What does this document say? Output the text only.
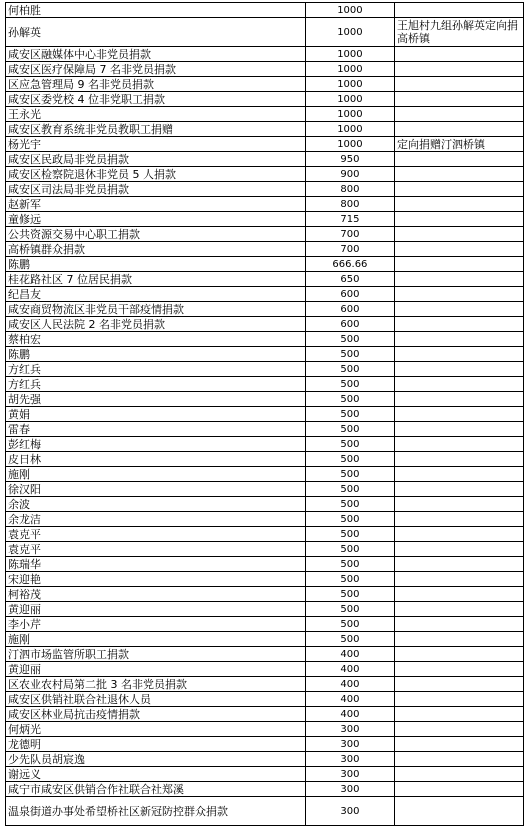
何柏胜	1000	
孙解英	1000	王旭村九组孙解英定向捐高桥镇
咸安区融媒体中心非党员捐款	1000	
咸安区医疗保障局 7 名非党员捐款	1000	
区应急管理局 9 名非党员捐款	1000	
咸安区委党校 4 位非党职工捐款	1000	
王永光	1000	
咸安区教育系统非党员教职工捐赠	1000	
杨光宇	1000	定向捐赠汀泗桥镇
咸安区民政局非党员捐款	950	
咸安区检察院退休非党员 5 人捐款	900	
咸安区司法局非党员捐款	800	
赵新军	800	
童修远	715	
公共资源交易中心职工捐款	700	
高桥镇群众捐款	700	
陈鹏	666.66	
桂花路社区 7 位居民捐款	650	
纪昌友	600	
咸安商贸物流区非党员干部疫情捐款	600	
咸安区人民法院 2 名非党员捐款	600	
蔡柏宏	500	
陈鹏	500	
方红兵	500	
方红兵	500	
胡先强	500	
黄娟	500	
雷春	500	
彭红梅	500	
皮日林	500	
施刚	500	
徐汉阳	500	
余波	500	
余龙洁	500	
袁克平	500	
袁克平	500	
陈瑞华	500	
宋迎艳	500	
柯裕茂	500	
黄迎丽	500	
李小芹	500	
施刚	500	
汀泗市场监管所职工捐款	400	
黄迎丽	400	
区农业农村局第二批 3 名非党员捐款	400	
咸安区供销社联合社退休人员	400	
咸安区林业局抗击疫情捐款	400	
何炳光	300	
龙德明	300	
少先队员胡宸逸	300	
谢远义	300	
咸宁市咸安区供销合作社联合社郑溪	300	
温泉街道办事处希望桥社区新冠防控群众捐款	300	
